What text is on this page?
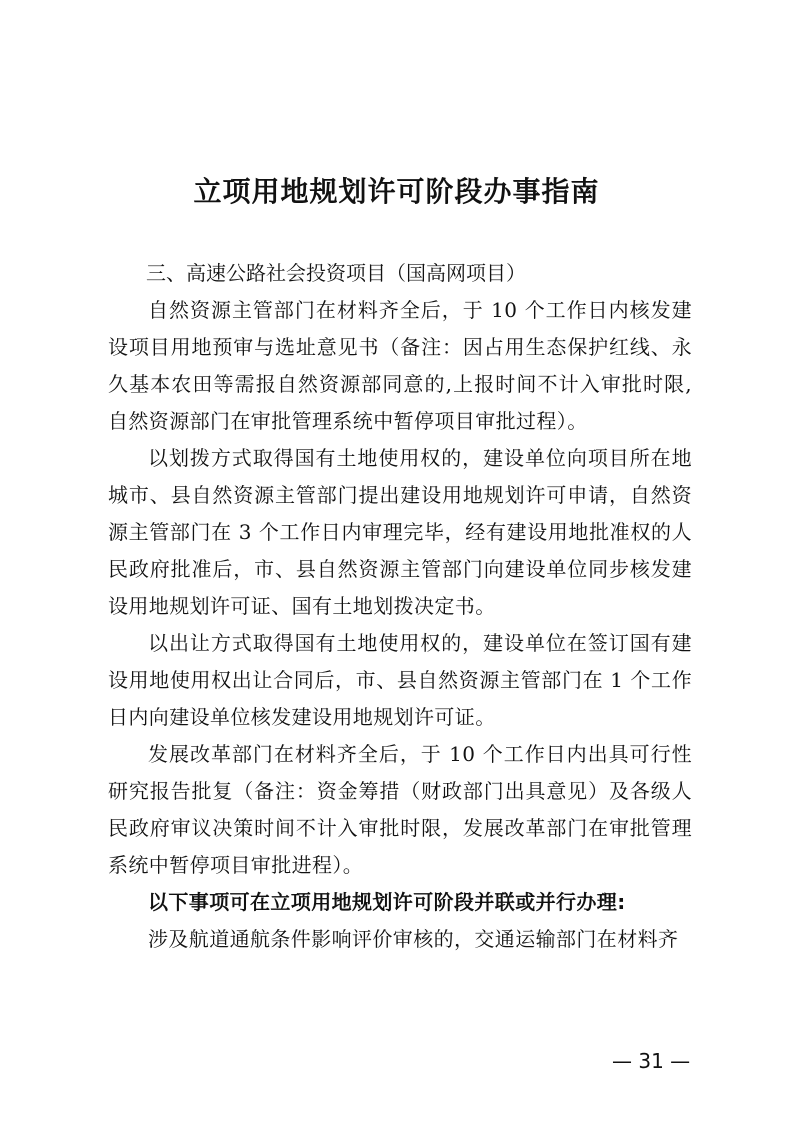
立项用地规划许可阶段办事指南

三、高速公路社会投资项目（国高网项目）

自然资源主管部门在材料齐全后，于 10 个工作日内核发建设项目用地预审与选址意见书（备注：因占用生态保护红线、永久基本农田等需报自然资源部同意的,上报时间不计入审批时限,自然资源部门在审批管理系统中暂停项目审批过程）。

以划拨方式取得国有土地使用权的，建设单位向项目所在地城市、县自然资源主管部门提出建设用地规划许可申请，自然资源主管部门在 3 个工作日内审理完毕，经有建设用地批准权的人民政府批准后，市、县自然资源主管部门向建设单位同步核发建设用地规划许可证、国有土地划拨决定书。

以出让方式取得国有土地使用权的，建设单位在签订国有建设用地使用权出让合同后，市、县自然资源主管部门在 1 个工作日内向建设单位核发建设用地规划许可证。

发展改革部门在材料齐全后，于 10 个工作日内出具可行性研究报告批复（备注：资金筹措（财政部门出具意见）及各级人民政府审议决策时间不计入审批时限，发展改革部门在审批管理系统中暂停项目审批进程）。

以下事项可在立项用地规划许可阶段并联或并行办理:

涉及航道通航条件影响评价审核的，交通运输部门在材料齐

— 31 —
